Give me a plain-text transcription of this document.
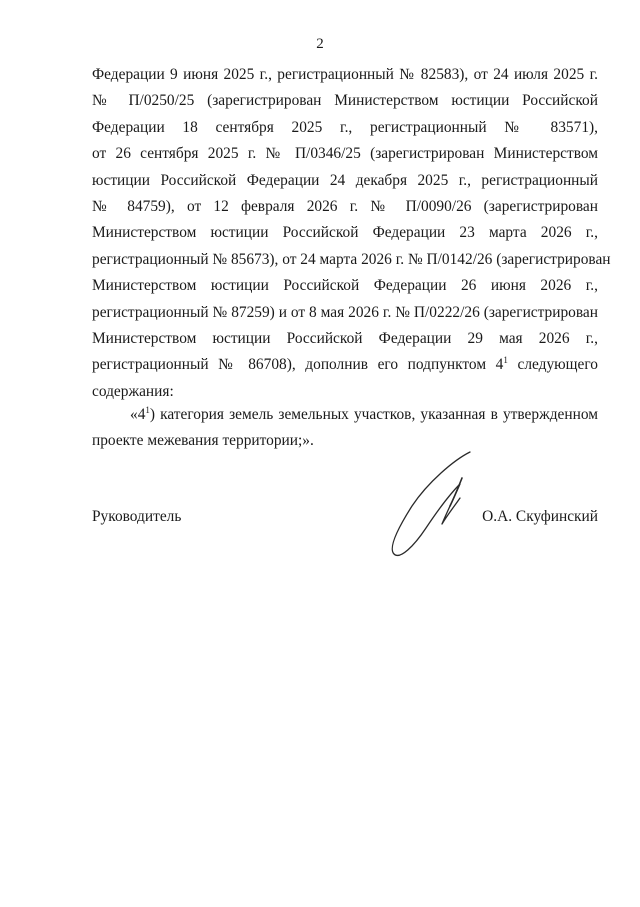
2
Федерации 9 июня 2025 г., регистрационный № 82583), от 24 июля 2025 г.
№ П/0250/25 (зарегистрирован Министерством юстиции Российской
Федерации 18 сентября 2025 г., регистрационный № 83571),
от 26 сентября 2025 г. № П/0346/25 (зарегистрирован Министерством
юстиции Российской Федерации 24 декабря 2025 г., регистрационный
№ 84759), от 12 февраля 2026 г. № П/0090/26 (зарегистрирован
Министерством юстиции Российской Федерации 23 марта 2026 г.,
регистрационный № 85673), от 24 марта 2026 г. № П/0142/26 (зарегистрирован
Министерством юстиции Российской Федерации 26 июня 2026 г.,
регистрационный № 87259) и от 8 мая 2026 г. № П/0222/26 (зарегистрирован
Министерством юстиции Российской Федерации 29 мая 2026 г.,
регистрационный № 86708), дополнив его подпунктом $4^1$ следующего
содержания:
«$4^1$) категория земель земельных участков, указанная в утвержденном
проекте межевания территории;».
Руководитель	О.А. Скуфинский
